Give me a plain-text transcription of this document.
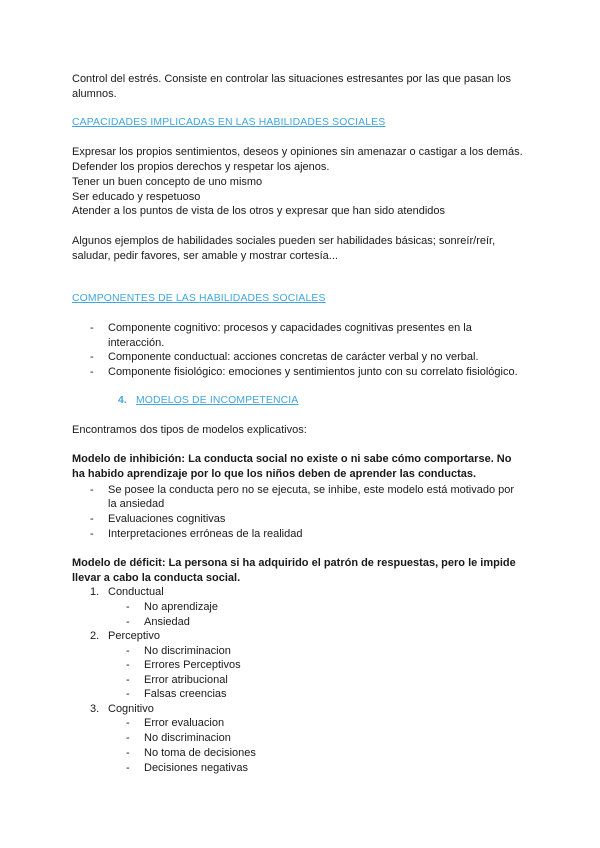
Control del estrés. Consiste en controlar las situaciones estresantes por las que pasan los
alumnos.
CAPACIDADES IMPLICADAS EN LAS HABILIDADES SOCIALES
Expresar los propios sentimientos, deseos y opiniones sin amenazar o castigar a los demás.
Defender los propios derechos y respetar los ajenos.
Tener un buen concepto de uno mismo
Ser educado y respetuoso
Atender a los puntos de vista de los otros y expresar que han sido atendidos
Algunos ejemplos de habilidades sociales pueden ser habilidades básicas; sonreír/reír,
saludar, pedir favores, ser amable y mostrar cortesía...
COMPONENTES DE LAS HABILIDADES SOCIALES
- Componente cognitivo: procesos y capacidades cognitivas presentes en la
interacción.
- Componente conductual: acciones concretas de carácter verbal y no verbal.
- Componente fisiológico: emociones y sentimientos junto con su correlato fisiológico.
4. MODELOS DE INCOMPETENCIA
Encontramos dos tipos de modelos explicativos:
Modelo de inhibición: La conducta social no existe o ni sabe cómo comportarse. No
ha habido aprendizaje por lo que los niños deben de aprender las conductas.
- Se posee la conducta pero no se ejecuta, se inhibe, este modelo está motivado por
la ansiedad
- Evaluaciones cognitivas
- Interpretaciones erróneas de la realidad
Modelo de déficit: La persona si ha adquirido el patrón de respuestas, pero le impide
llevar a cabo la conducta social.
1. Conductual
- No aprendizaje
- Ansiedad
2. Perceptivo
- No discriminacion
- Errores Perceptivos
- Error atribucional
- Falsas creencias
3. Cognitivo
- Error evaluacion
- No discriminacion
- No toma de decisiones
- Decisiones negativas
